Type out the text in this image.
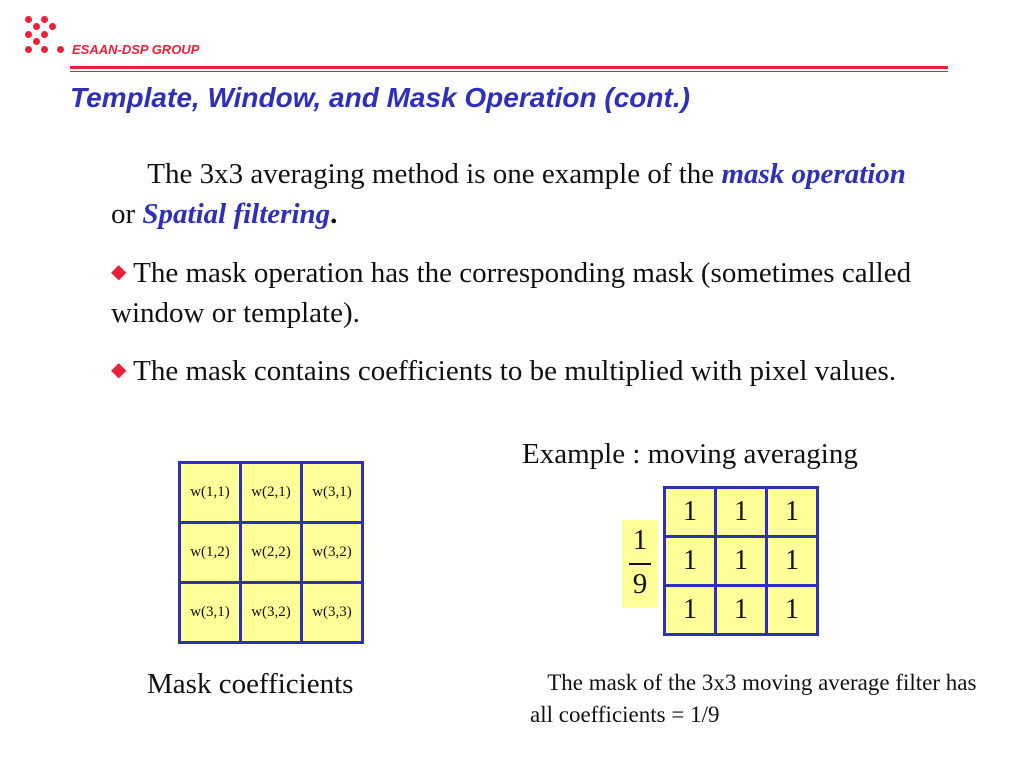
ESAAN-DSP GROUP
Template, Window, and Mask Operation (cont.)
The 3x3 averaging method is one example of the mask operation or Spatial filtering.
◆ The mask operation has the corresponding mask (sometimes called window or template).
◆ The mask contains coefficients to be multiplied with pixel values.
w(1,1)	w(2,1)	w(3,1)
w(1,2)	w(2,2)	w(3,2)
w(3,1)	w(3,2)	w(3,3)
Mask coefficients
Example : moving averaging
1
9
1	1	1
1	1	1
1	1	1
The mask of the 3x3 moving average filter has all coefficients = 1/9
